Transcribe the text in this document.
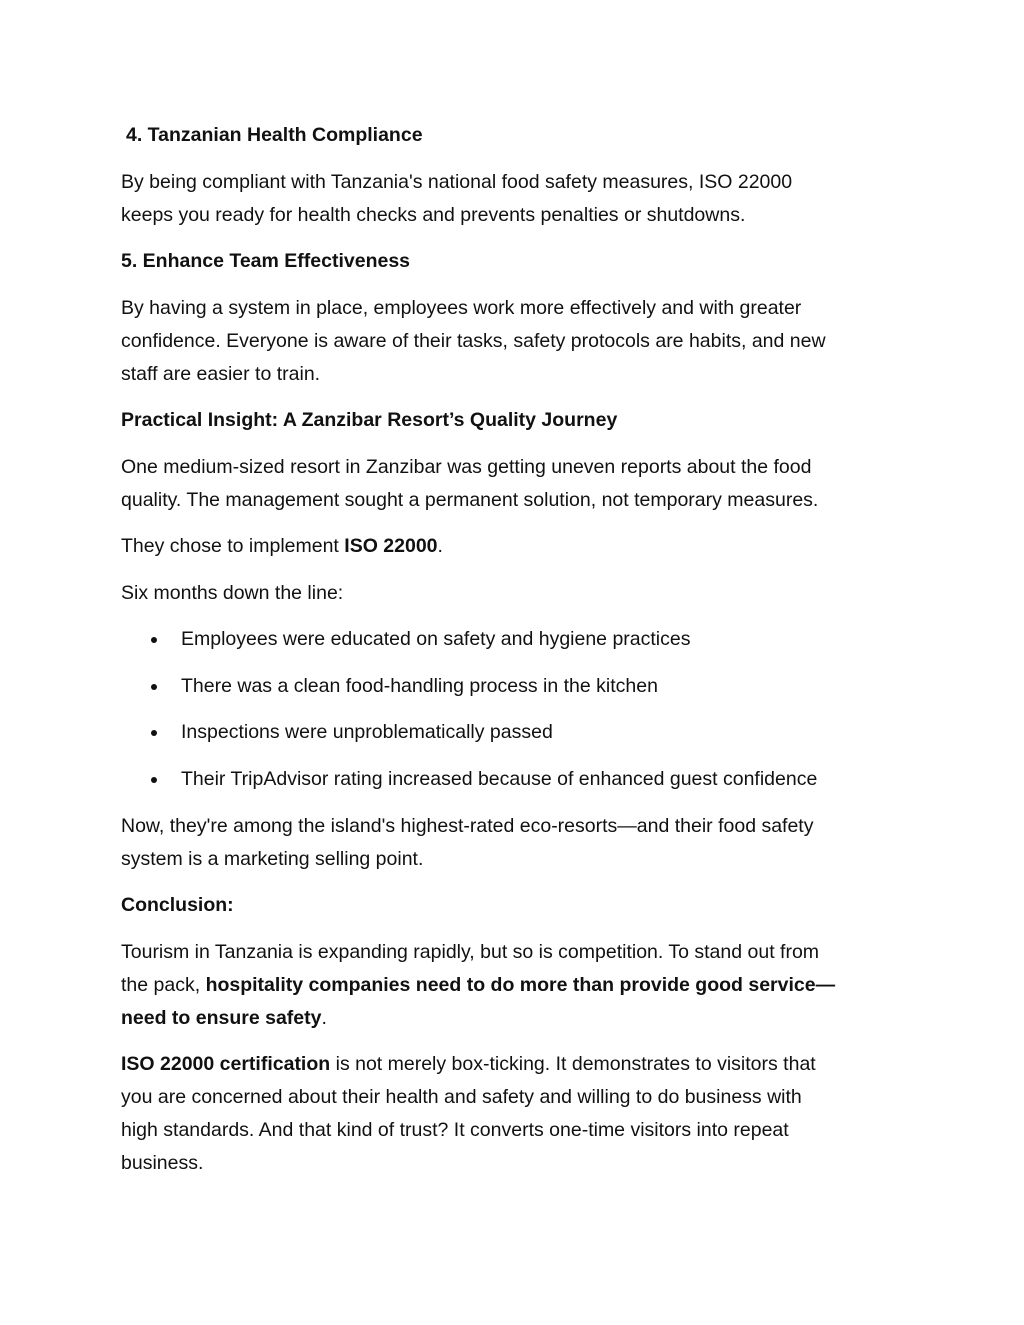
4. Tanzanian Health Compliance

By being compliant with Tanzania's national food safety measures, ISO 22000
keeps you ready for health checks and prevents penalties or shutdowns.

5. Enhance Team Effectiveness

By having a system in place, employees work more effectively and with greater
confidence. Everyone is aware of their tasks, safety protocols are habits, and new
staff are easier to train.

Practical Insight: A Zanzibar Resort’s Quality Journey

One medium-sized resort in Zanzibar was getting uneven reports about the food
quality. The management sought a permanent solution, not temporary measures.

They chose to implement ISO 22000.

Six months down the line:

Employees were educated on safety and hygiene practices
There was a clean food-handling process in the kitchen
Inspections were unproblematically passed
Their TripAdvisor rating increased because of enhanced guest confidence

Now, they're among the island's highest-rated eco-resorts—and their food safety
system is a marketing selling point.

Conclusion:

Tourism in Tanzania is expanding rapidly, but so is competition. To stand out from
the pack, hospitality companies need to do more than provide good service—
need to ensure safety.

ISO 22000 certification is not merely box-ticking. It demonstrates to visitors that
you are concerned about their health and safety and willing to do business with
high standards. And that kind of trust? It converts one-time visitors into repeat
business.
